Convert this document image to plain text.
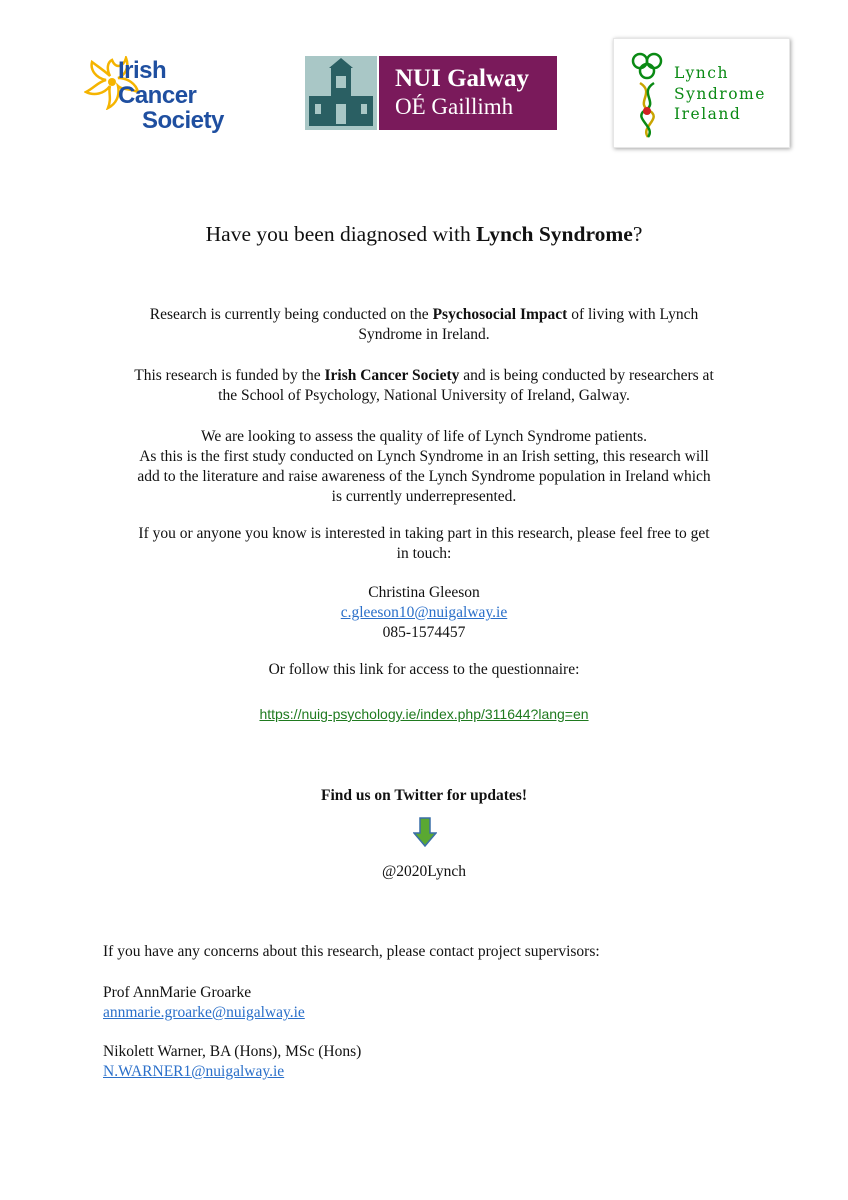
Irish
Cancer
Society
NUI Galway
OÉ Gaillimh
Lynch
Syndrome
Ireland
Have you been diagnosed with Lynch Syndrome?
Research is currently being conducted on the Psychosocial Impact of living with Lynch
Syndrome in Ireland.
This research is funded by the Irish Cancer Society and is being conducted by researchers at
the School of Psychology, National University of Ireland, Galway.
We are looking to assess the quality of life of Lynch Syndrome patients.
As this is the first study conducted on Lynch Syndrome in an Irish setting, this research will
add to the literature and raise awareness of the Lynch Syndrome population in Ireland which
is currently underrepresented.
If you or anyone you know is interested in taking part in this research, please feel free to get
in touch:
Christina Gleeson
c.gleeson10@nuigalway.ie
085-1574457
Or follow this link for access to the questionnaire:
https://nuig-psychology.ie/index.php/311644?lang=en
Find us on Twitter for updates!
@2020Lynch
If you have any concerns about this research, please contact project supervisors:
Prof AnnMarie Groarke
annmarie.groarke@nuigalway.ie
Nikolett Warner, BA (Hons), MSc (Hons)
N.WARNER1@nuigalway.ie
